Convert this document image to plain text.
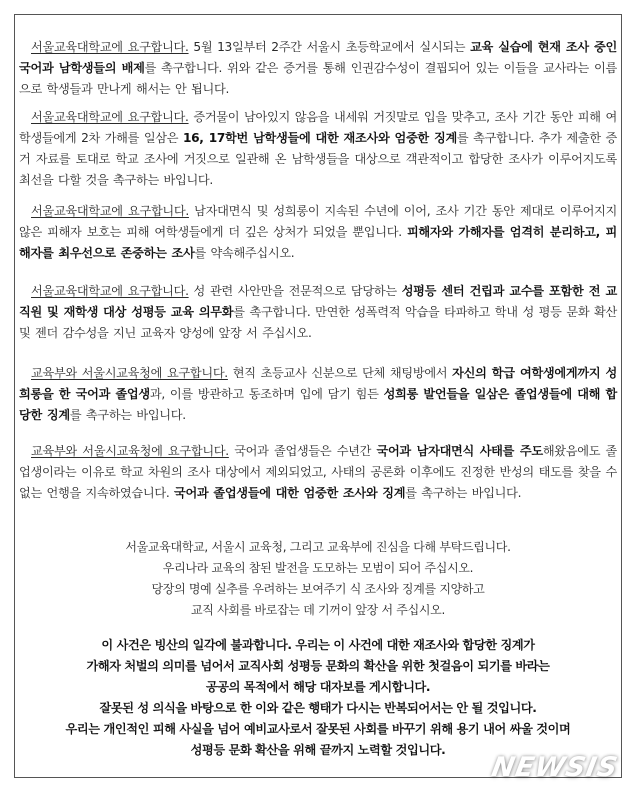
서울교육대학교에 요구합니다. 5월 13일부터 2주간 서울시 초등학교에서 실시되는 교육 실습에 현재 조사 중인 국어과 남학생들의 배제를 촉구합니다. 위와 같은 증거를 통해 인권감수성이 결핍되어 있는 이들을 교사라는 이름으로 학생들과 만나게 해서는 안 됩니다.

서울교육대학교에 요구합니다. 증거물이 남아있지 않음을 내세워 거짓말로 입을 맞추고, 조사 기간 동안 피해 여학생들에게 2차 가해를 일삼은 16, 17학번 남학생들에 대한 재조사와 엄중한 징계를 촉구합니다. 추가 제출한 증거 자료를 토대로 학교 조사에 거짓으로 일관해 온 남학생들을 대상으로 객관적이고 합당한 조사가 이루어지도록 최선을 다할 것을 촉구하는 바입니다.

서울교육대학교에 요구합니다. 남자대면식 및 성희롱이 지속된 수년에 이어, 조사 기간 동안 제대로 이루어지지 않은 피해자 보호는 피해 여학생들에게 더 깊은 상처가 되었을 뿐입니다. 피해자와 가해자를 엄격히 분리하고, 피해자를 최우선으로 존중하는 조사를 약속해주십시오.

서울교육대학교에 요구합니다. 성 관련 사안만을 전문적으로 담당하는 성평등 센터 건립과 교수를 포함한 전 교직원 및 재학생 대상 성평등 교육 의무화를 촉구합니다. 만연한 성폭력적 악습을 타파하고 학내 성 평등 문화 확산 및 젠더 감수성을 지닌 교육자 양성에 앞장 서 주십시오.

교육부와 서울시교육청에 요구합니다. 현직 초등교사 신분으로 단체 채팅방에서 자신의 학급 여학생에게까지 성희롱을 한 국어과 졸업생과, 이를 방관하고 동조하며 입에 담기 힘든 성희롱 발언들을 일삼은 졸업생들에 대해 합당한 징계를 촉구하는 바입니다.

교육부와 서울시교육청에 요구합니다. 국어과 졸업생들은 수년간 국어과 남자대면식 사태를 주도해왔음에도 졸업생이라는 이유로 학교 차원의 조사 대상에서 제외되었고, 사태의 공론화 이후에도 진정한 반성의 태도를 찾을 수 없는 언행을 지속하였습니다. 국어과 졸업생들에 대한 엄중한 조사와 징계를 촉구하는 바입니다.

서울교육대학교, 서울시 교육청, 그리고 교육부에 진심을 다해 부탁드립니다.
우리나라 교육의 참된 발전을 도모하는 모범이 되어 주십시오.
당장의 명예 실추를 우려하는 보여주기 식 조사와 징계를 지양하고
교직 사회를 바로잡는 데 기꺼이 앞장 서 주십시오.
이 사건은 빙산의 일각에 불과합니다. 우리는 이 사건에 대한 재조사와 합당한 징계가
가해자 처벌의 의미를 넘어서 교직사회 성평등 문화의 확산을 위한 첫걸음이 되기를 바라는
공공의 목적에서 해당 대자보를 게시합니다.
잘못된 성 의식을 바탕으로 한 이와 같은 행태가 다시는 반복되어서는 안 될 것입니다.
우리는 개인적인 피해 사실을 넘어 예비교사로서 잘못된 사회를 바꾸기 위해 용기 내어 싸울 것이며
성평등 문화 확산을 위해 끝까지 노력할 것입니다.
NEWSIS
